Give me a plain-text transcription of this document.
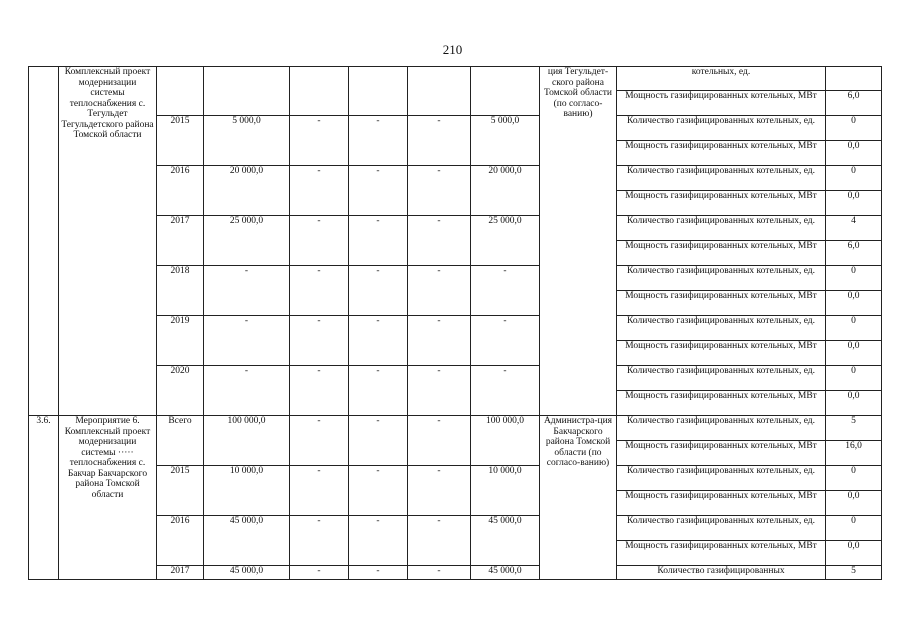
210
	Комплексный проект модернизации системы теплоснабжения с. Тегульдет Тегульдетского района Томской области							ция Тегульдет-ского района Томской области (по согласо-ванию)	котельных, ед.	
									Мощность газифицированных котельных, МВт	6,0
		2015	5 000,0	-	-	-	5 000,0		Количество газифицированных котельных, ед.	0
									Мощность газифицированных котельных, МВт	0,0
		2016	20 000,0	-	-	-	20 000,0		Количество газифицированных котельных, ед.	0
									Мощность газифицированных котельных, МВт	0,0
		2017	25 000,0	-	-	-	25 000,0		Количество газифицированных котельных, ед.	4
									Мощность газифицированных котельных, МВт	6,0
		2018	-	-	-	-	-		Количество газифицированных котельных, ед.	0
									Мощность газифицированных котельных, МВт	0,0
		2019	-	-	-	-	-		Количество газифицированных котельных, ед.	0
									Мощность газифицированных котельных, МВт	0,0
		2020	-	-	-	-	-		Количество газифицированных котельных, ед.	0
									Мощность газифицированных котельных, МВт	0,0
3.6.	Мероприятие 6. Комплексный проект модернизации системы ····· теплоснабжения с. Бакчар Бакчарского района Томской области	Всего	100 000,0	-	-	-	100 000,0	Администра-ция Бакчарского района Томской области (по согласо-ванию)	Количество газифицированных котельных, ед.	5
									Мощность газифицированных котельных, МВт	16,0
		2015	10 000,0	-	-	-	10 000,0		Количество газифицированных котельных, ед.	0
									Мощность газифицированных котельных, МВт	0,0
		2016	45 000,0	-	-	-	45 000,0		Количество газифицированных котельных, ед.	0
									Мощность газифицированных котельных, МВт	0,0
		2017	45 000,0	-	-	-	45 000,0		Количество газифицированных	5
